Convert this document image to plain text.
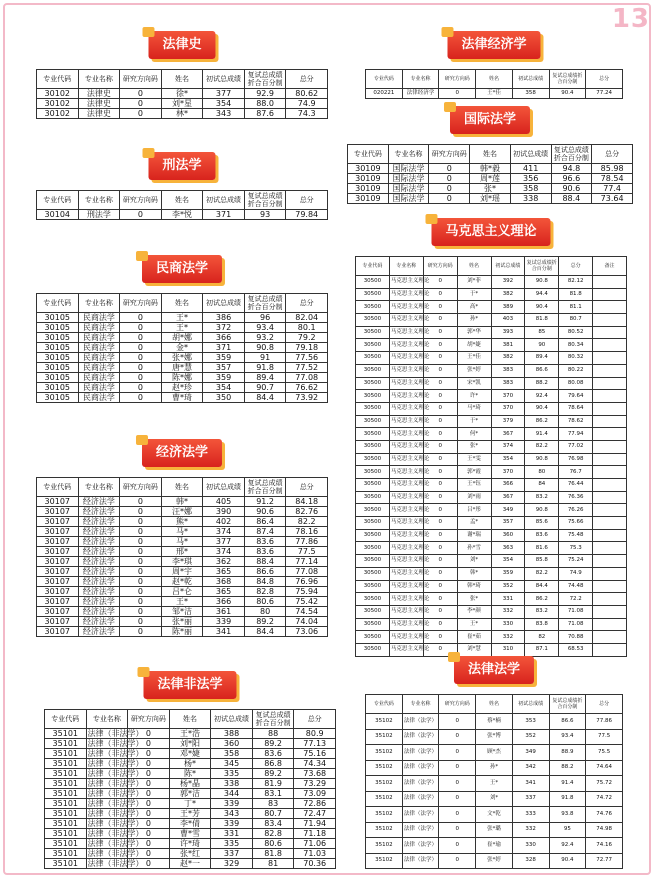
13
法律史
专业代码	专业名称	研究方向码	姓名	初试总成绩	复试总成绩折合百分制	总分
30102	法律史	0	徐*	377	92.9	80.62
30102	法律史	0	刘*星	354	88.0	74.9
30102	法律史	0	林*	343	87.6	74.3
刑法学
专业代码	专业名称	研究方向码	姓名	初试总成绩	复试总成绩折合百分制	总分
30104	刑法学	0	李*悦	371	93	79.84
民商法学
专业代码	专业名称	研究方向码	姓名	初试总成绩	复试总成绩折合百分制	总分
30105	民商法学	0	王*	386	96	82.04
30105	民商法学	0	王*	372	93.4	80.1
30105	民商法学	0	胡*娜	366	93.2	79.2
30105	民商法学	0	金*	371	90.8	79.18
30105	民商法学	0	张*娜	359	91	77.56
30105	民商法学	0	唐*慧	357	91.8	77.52
30105	民商法学	0	陈*娜	359	89.4	77.08
30105	民商法学	0	赵*珍	354	90.7	76.62
30105	民商法学	0	曹*琦	350	84.4	73.92
经济法学
专业代码	专业名称	研究方向码	姓名	初试总成绩	复试总成绩折合百分制	总分
30107	经济法学	0	韩*	405	91.2	84.18
30107	经济法学	0	汪*娜	390	90.6	82.76
30107	经济法学	0	熊*	402	86.4	82.2
30107	经济法学	0	马*	374	87.4	78.16
30107	经济法学	0	马*	377	83.6	77.86
30107	经济法学	0	邢*	374	83.6	77.5
30107	经济法学	0	李*琪	362	88.4	77.14
30107	经济法学	0	周*宇	365	86.6	77.08
30107	经济法学	0	赵*乾	368	84.8	76.96
30107	经济法学	0	吕*仑	365	82.8	75.94
30107	经济法学	0	王*	366	80.6	75.42
30107	经济法学	0	邹*洁	361	80	74.54
30107	经济法学	0	张*丽	339	89.2	74.04
30107	经济法学	0	陈*丽	341	84.4	73.06
法律非法学
专业代码	专业名称	研究方向码	姓名	初试总成绩	复试总成绩折合百分制	总分
35101	法律（非法学）	0	王*浩	388	88	80.9
35101	法律（非法学）	0	刘*阳	360	89.2	77.13
35101	法律（非法学）	0	邓*婕	358	83.6	75.16
35101	法律（非法学）	0	杨*	345	86.8	74.34
35101	法律（非法学）	0	陈*	335	89.2	73.68
35101	法律（非法学）	0	杨*晶	338	81.9	73.29
35101	法律（非法学）	0	郭*洁	344	83.1	73.09
35101	法律（非法学）	0	丁*	339	83	72.86
35101	法律（非法学）	0	王*芳	343	80.7	72.47
35101	法律（非法学）	0	李*倩	339	83.4	71.94
35101	法律（非法学）	0	曹*雪	331	82.8	71.18
35101	法律（非法学）	0	许*琦	335	80.6	71.06
35101	法律（非法学）	0	张*红	337	81.8	71.03
35101	法律（非法学）	0	赵*一	329	81	70.36
法律经济学
专业代码	专业名称	研究方向码	姓名	初试总成绩	复试总成绩折合百分制	总分
020221	法律经济学	0	王*佳	358	90.4	77.24
国际法学
专业代码	专业名称	研究方向码	姓名	初试总成绩	复试总成绩折合百分制	总分
30109	国际法学	0	韩*毅	411	94.8	85.98
30109	国际法学	0	周*莲	356	96.6	78.54
30109	国际法学	0	张*	358	90.6	77.4
30109	国际法学	0	刘*瑶	338	88.4	73.64
马克思主义理论
专业代码	专业名称	研究方向码	姓名	初试总成绩	复试总成绩折合百分制	总分	备注
30500	马克思主义理论	0	刘*菲	392	90.8	82.12	
30500	马克思主义理论	0	于*	382	94.4	81.8	
30500	马克思主义理论	0	高*	389	90.4	81.1	
30500	马克思主义理论	0	孙*	403	81.8	80.7	
30500	马克思主义理论	0	郭*华	393	85	80.52	
30500	马克思主义理论	0	胡*婕	381	90	80.34	
30500	马克思主义理论	0	王*佳	382	89.4	80.32	
30500	马克思主义理论	0	张*婷	383	86.6	80.22	
30500	马克思主义理论	0	宋*凯	383	88.2	80.08	
30500	马克思主义理论	0	许*	370	92.4	79.64	
30500	马克思主义理论	0	马*琦	370	90.4	78.64	
30500	马克思主义理论	0	于*	379	86.2	78.62	
30500	马克思主义理论	0	何*	367	91.4	77.94	
30500	马克思主义理论	0	张*	374	82.2	77.02	
30500	马克思主义理论	0	王*雯	354	90.8	76.98	
30500	马克思主义理论	0	郭*霞	370	80	76.7	
30500	马克思主义理论	0	王*钰	366	84	76.44	
30500	马克思主义理论	0	刘*雨	367	83.2	76.36	
30500	马克思主义理论	0	吕*彤	349	90.8	76.26	
30500	马克思主义理论	0	孟*	357	85.6	75.66	
30500	马克思主义理论	0	谢*瑞	360	83.6	75.48	
30500	马克思主义理论	0	孙*雪	363	81.6	75.3	
30500	马克思主义理论	0	刘*	354	85.8	75.24	
30500	马克思主义理论	0	韩*	359	82.2	74.9	
30500	马克思主义理论	0	韩*琦	352	84.4	74.48	
30500	马克思主义理论	0	张*	331	86.2	72.2	
30500	马克思主义理论	0	李*颜	332	83.2	71.08	
30500	马克思主义理论	0	王*	330	83.8	71.08	
30500	马克思主义理论	0	崔*茹	332	82	70.88	
30500	马克思主义理论	0	刘*慧	310	87.1	68.53	
法律法学
专业代码	专业名称	研究方向码	姓名	初试总成绩	复试总成绩折合百分制	总分
35102	法律（法学）	0	蔡*楠	353	86.6	77.86
35102	法律（法学）	0	张*博	352	93.4	77.5
35102	法律（法学）	0	顾*杰	349	88.9	75.5
35102	法律（法学）	0	孙*	342	88.2	74.64
35102	法律（法学）	0	王*	341	91.4	75.72
35102	法律（法学）	0	刘*	337	91.8	74.72
35102	法律（法学）	0	文*乾	333	93.8	74.76
35102	法律（法学）	0	张*璐	332	95	74.98
35102	法律（法学）	0	崔*瑜	330	92.4	74.16
35102	法律（法学）	0	张*婷	328	90.4	72.77
